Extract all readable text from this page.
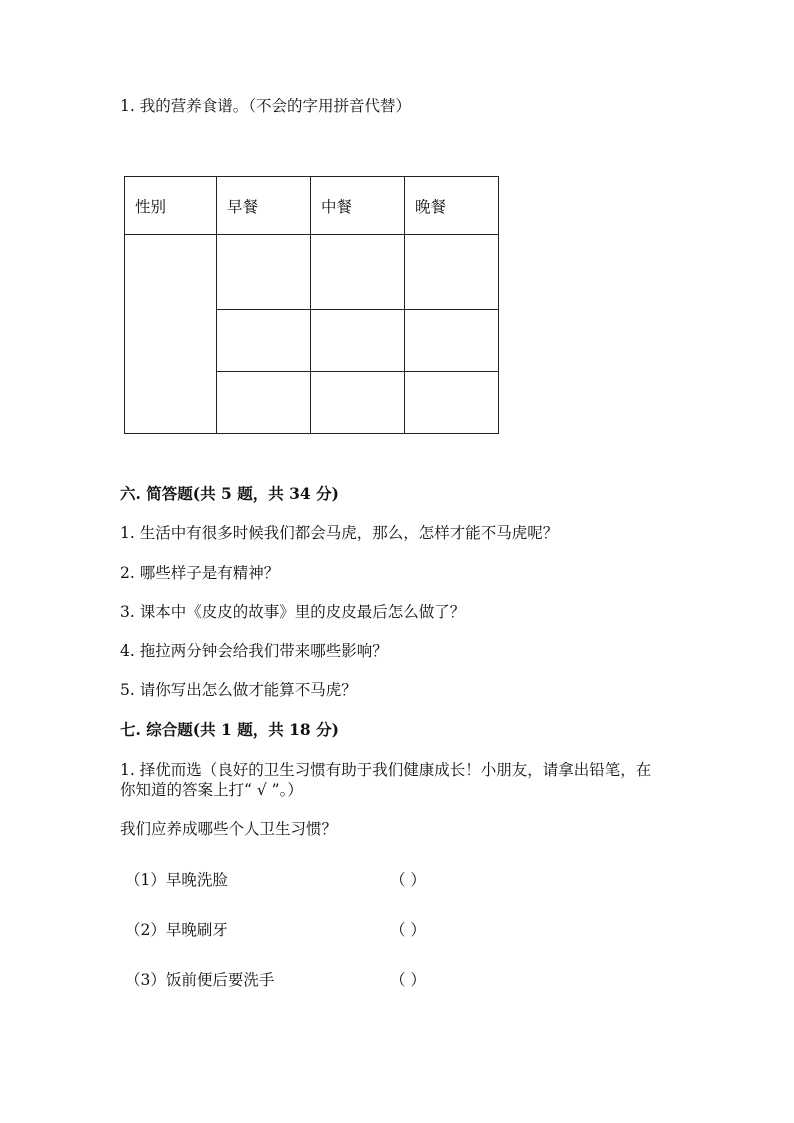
1. 我的营养食谱。（不会的字用拼音代替）
性别	早餐	中餐	晚餐

六. 简答题(共 5 题，共 34 分)
1. 生活中有很多时候我们都会马虎，那么，怎样才能不马虎呢？
2. 哪些样子是有精神？
3. 课本中《皮皮的故事》里的皮皮最后怎么做了？
4. 拖拉两分钟会给我们带来哪些影响？
5. 请你写出怎么做才能算不马虎？
七. 综合题(共 1 题，共 18 分)
1. 择优而选（良好的卫生习惯有助于我们健康成长！小朋友，请拿出铅笔，在
你知道的答案上打“ √ ”。）
我们应养成哪些个人卫生习惯？
（1）早晚洗脸	（ ）
（2）早晚刷牙	（ ）
（3）饭前便后要洗手	（ ）
